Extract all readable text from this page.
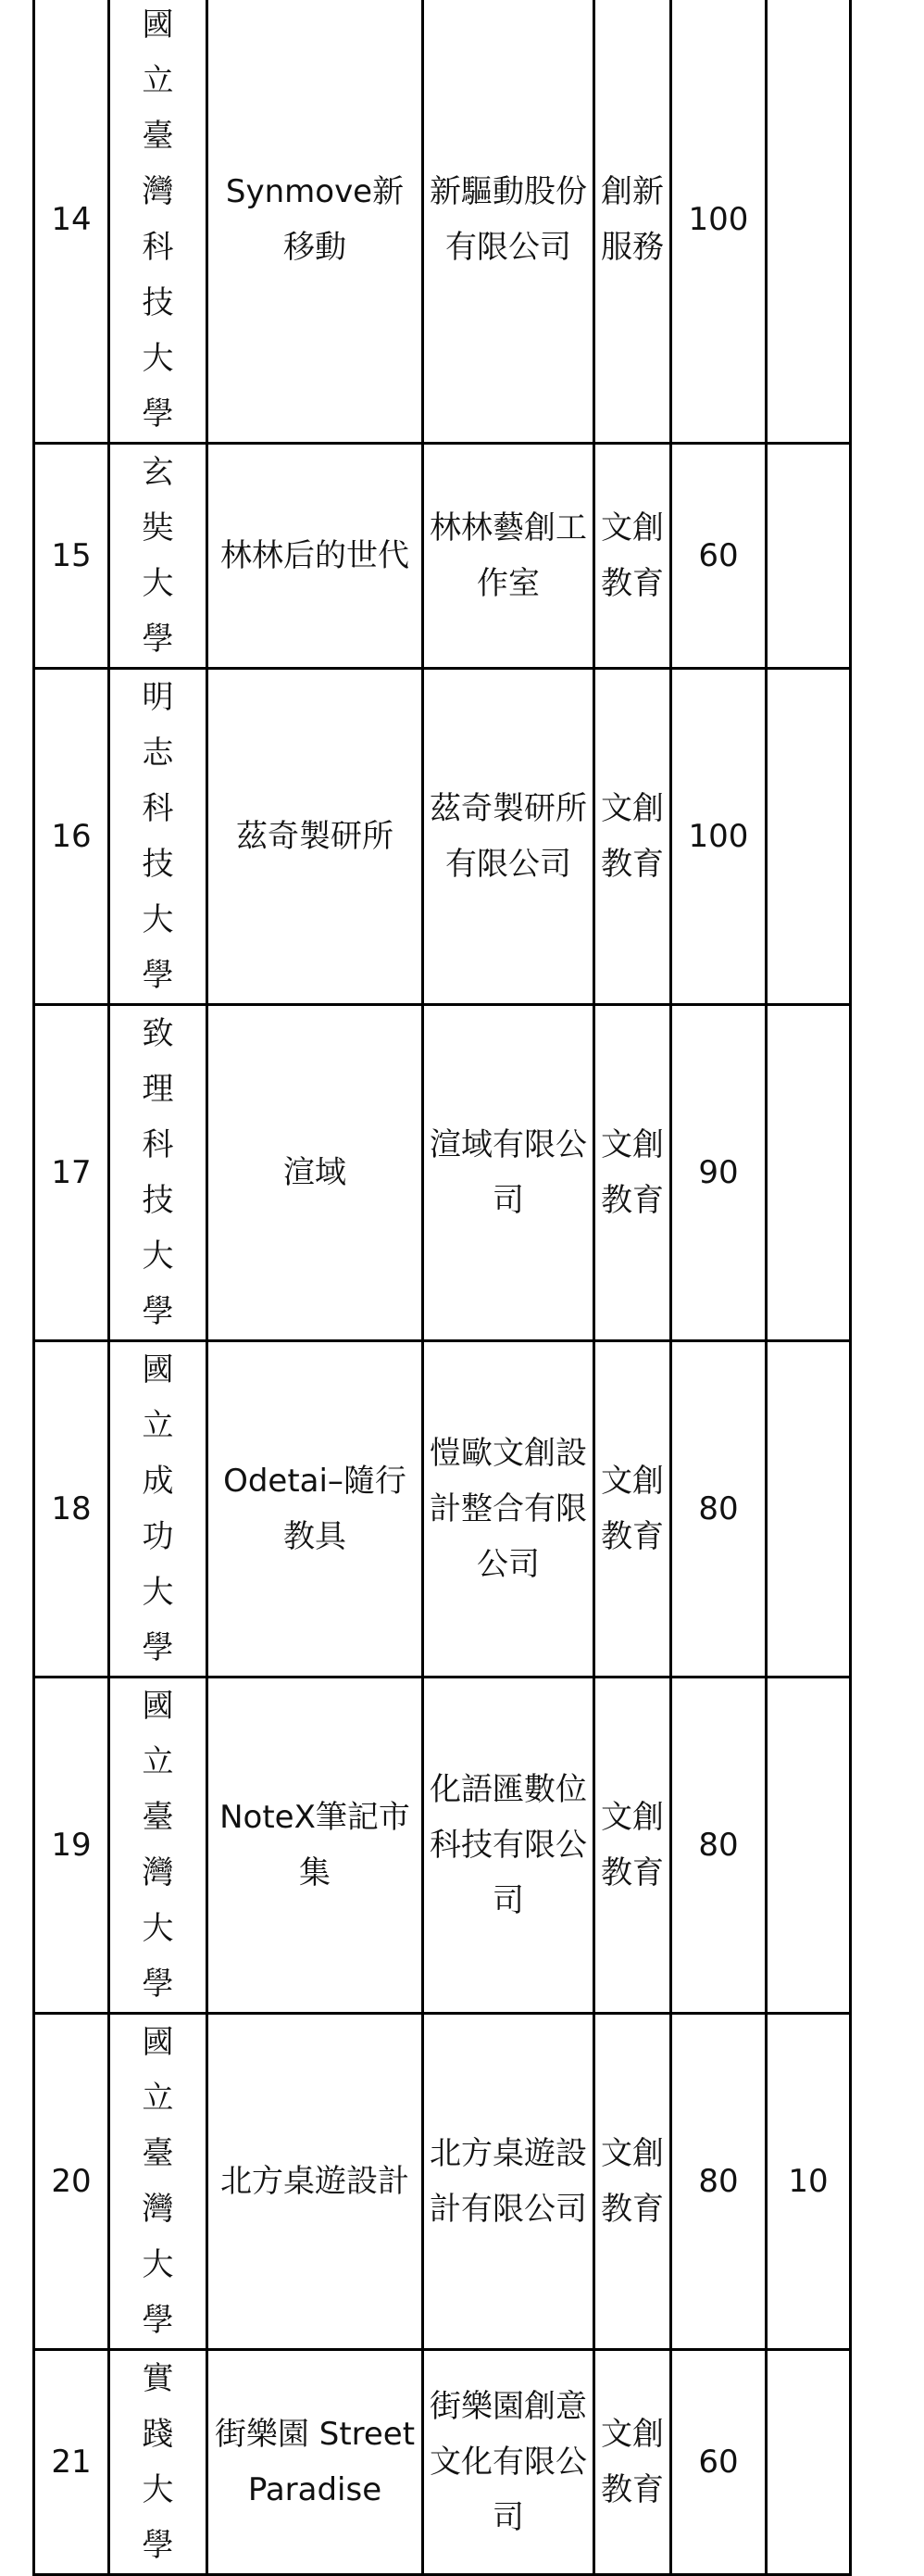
14	國立臺灣科技大學	Synmove新移動	新驅動股份有限公司	創新服務	100	

15	玄奘大學	林林后的世代	林林藝創工作室	文創教育	60	

16	明志科技大學	茲奇製研所	茲奇製研所有限公司	文創教育	100	

17	致理科技大學	渲域	渲域有限公司	文創教育	90	

18	國立成功大學	Odetai–隨行教具	愷歐文創設計整合有限公司	文創教育	80	

19	國立臺灣大學	NoteX筆記市集	化語匯數位科技有限公司	文創教育	80	

20	國立臺灣大學	北方桌遊設計	北方桌遊設計有限公司	文創教育	80	10

21	實踐大學	街樂園 Street Paradise	街樂園創意文化有限公司	文創教育	60	
